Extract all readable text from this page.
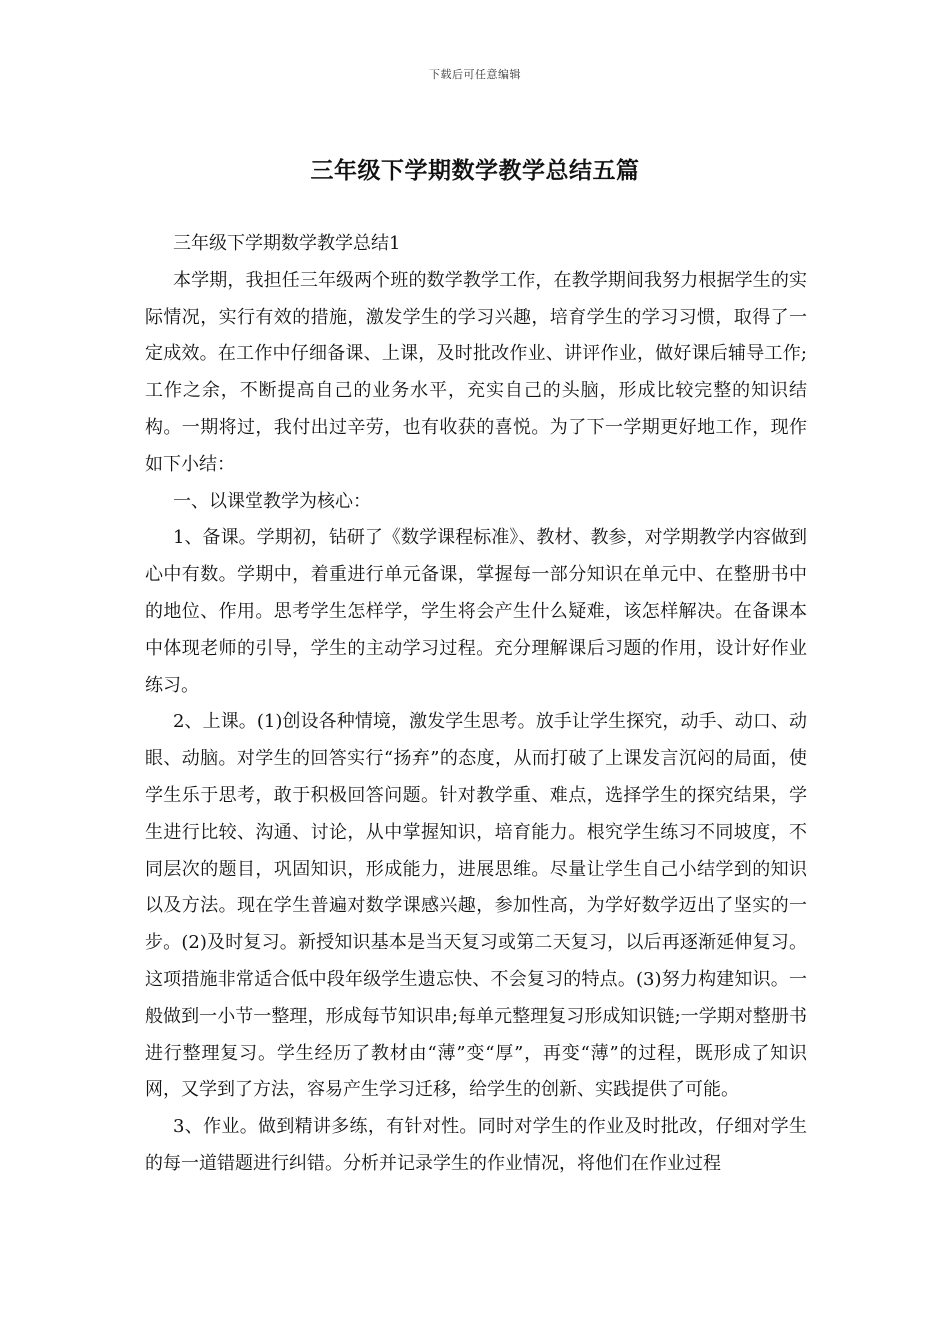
下载后可任意编辑
三年级下学期数学教学总结五篇

三年级下学期数学教学总结1

本学期，我担任三年级两个班的数学教学工作，在教学期间我努力根据学生的实际情况，实行有效的措施，激发学生的学习兴趣，培育学生的学习习惯，取得了一定成效。在工作中仔细备课、上课，及时批改作业、讲评作业，做好课后辅导工作;工作之余，不断提高自己的业务水平，充实自己的头脑，形成比较完整的知识结构。一期将过，我付出过辛劳，也有收获的喜悦。为了下一学期更好地工作，现作如下小结：

一、以课堂教学为核心：

1、备课。学期初，钻研了《数学课程标准》、教材、教参，对学期教学内容做到心中有数。学期中，着重进行单元备课，掌握每一部分知识在单元中、在整册书中的地位、作用。思考学生怎样学，学生将会产生什么疑难，该怎样解决。在备课本中体现老师的引导，学生的主动学习过程。充分理解课后习题的作用，设计好作业练习。

2、上课。(1)创设各种情境，激发学生思考。放手让学生探究，动手、动口、动眼、动脑。对学生的回答实行“扬弃”的态度，从而打破了上课发言沉闷的局面，使学生乐于思考，敢于积极回答问题。针对教学重、难点，选择学生的探究结果，学生进行比较、沟通、讨论，从中掌握知识，培育能力。根究学生练习不同坡度，不同层次的题目，巩固知识，形成能力，进展思维。尽量让学生自己小结学到的知识以及方法。现在学生普遍对数学课感兴趣，参加性高，为学好数学迈出了坚实的一步。(2)及时复习。新授知识基本是当天复习或第二天复习，以后再逐渐延伸复习。这项措施非常适合低中段年级学生遗忘快、不会复习的特点。(3)努力构建知识。一般做到一小节一整理，形成每节知识串;每单元整理复习形成知识链;一学期对整册书进行整理复习。学生经历了教材由“薄”变“厚”，再变“薄”的过程，既形成了知识网，又学到了方法，容易产生学习迁移，给学生的创新、实践提供了可能。

3、作业。做到精讲多练，有针对性。同时对学生的作业及时批改，仔细对学生的每一道错题进行纠错。分析并记录学生的作业情况，将他们在作业过程
